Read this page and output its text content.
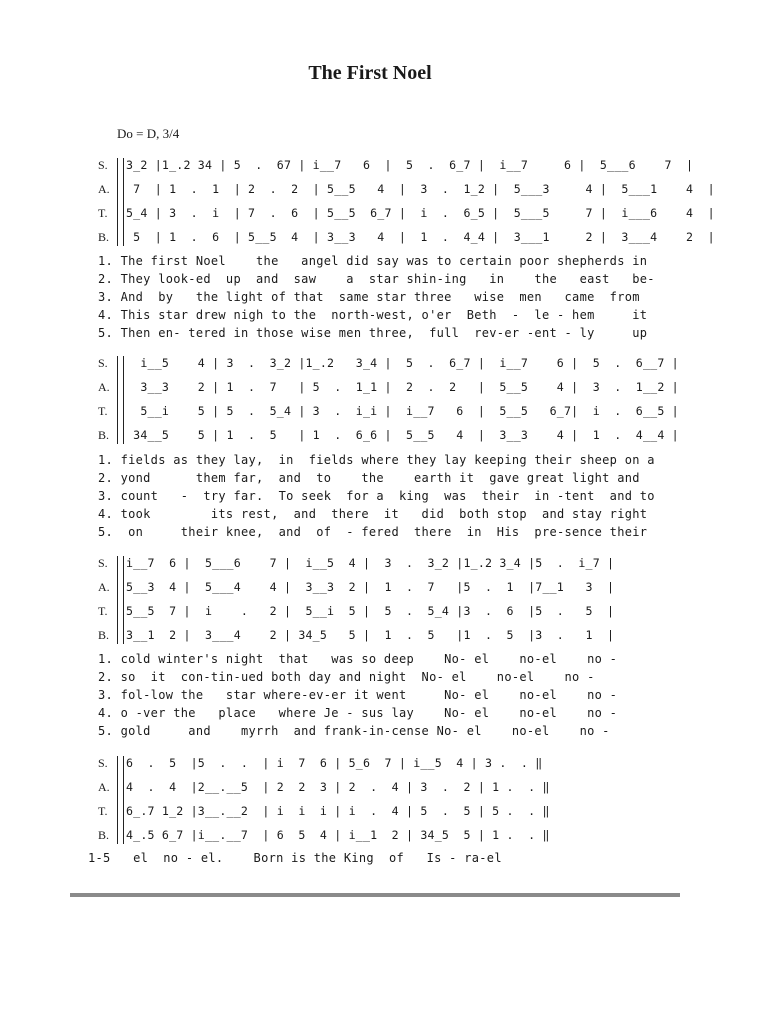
The First Noel
Do = D, 3/4
S. 3_2 |1_.2 34 | 5  .  67 | i__7   6  |  5  .  6_7 |  i__7     6 |  5___6    7  |
A. 7  | 1  .  1  | 2  .  2  | 5__5   4  |  3  .  1_2 |  5___3     4 |  5___1    4  |
T. 5_4 | 3  .  i  | 7  .  6  | 5__5  6_7 |  i  .  6_5 |  5___5     7 |  i___6    4  |
B. 5  | 1  .  6  | 5__5  4  | 3__3   4  |  1  .  4_4 |  3___1     2 |  3___4    2  |
1. The first Noel    the   angel did say was to certain poor shepherds in
2. They look-ed  up  and  saw    a  star shin-ing   in    the   east   be-
3. And  by   the light of that  same star three   wise  men   came  from
4. This star drew nigh to the  north-west, o'er  Beth  -  le - hem     it
5. Then en- tered in those wise men three,  full  rev-er -ent - ly     up
S. i__5    4 | 3  .  3_2 |1_.2   3_4 |  5  .  6_7 |  i__7    6 |  5  .  6__7 |
A. 3__3    2 | 1  .  7   | 5  .  1_1 |  2  .  2   |  5__5    4 |  3  .  1__2 |
T. 5__i    5 | 5  .  5_4 | 3  .  i_i |  i__7   6  |  5__5   6_7|  i  .  6__5 |
B. 34__5    5 | 1  .  5   | 1  .  6_6 |  5__5   4  |  3__3    4 |  1  .  4__4 |
1. fields as they lay,  in  fields where they lay keeping their sheep on a
2. yond      them far,  and  to    the    earth it  gave great light and
3. count   -  try far.  To seek  for a  king  was  their  in -tent  and to
4. took        its rest,  and  there  it   did  both stop  and stay right
5.  on     their knee,  and  of  - fered  there  in  His  pre-sence their
S. i__7  6 |  5___6    7 |  i__5  4 |  3  .  3_2 |1_.2 3_4 |5  .  i_7 |
A. 5__3  4 |  5___4    4 |  3__3  2 |  1  .  7   |5  .  1  |7__1   3  |
T. 5__5  7 |  i    .   2 |  5__i  5 |  5  .  5_4 |3  .  6  |5  .   5  |
B. 3__1  2 |  3___4    2 | 34_5   5 |  1  .  5   |1  .  5  |3  .   1  |
1. cold winter's night  that   was so deep    No- el    no-el    no -
2. so  it  con-tin-ued both day and night  No- el    no-el    no -
3. fol-low the   star where-ev-er it went     No- el    no-el    no -
4. o -ver the   place   where Je - sus lay    No- el    no-el    no -
5. gold     and    myrrh  and frank-in-cense No- el    no-el    no -
S. 6  .  5  |5  .  .  | i  7  6 | 5_6  7 | i__5  4 | 3 .  . ‖
A. 4  .  4  |2__.__5  | 2  2  3 | 2  .  4 | 3  .  2 | 1 .  . ‖
T. 6_.7 1_2 |3__.__2  | i  i  i | i  .  4 | 5  .  5 | 5 .  . ‖
B. 4_.5 6_7 |i__.__7  | 6  5  4 | i__1  2 | 34_5  5 | 1 .  . ‖
1-5   el  no - el.    Born is the King  of   Is - ra-el
